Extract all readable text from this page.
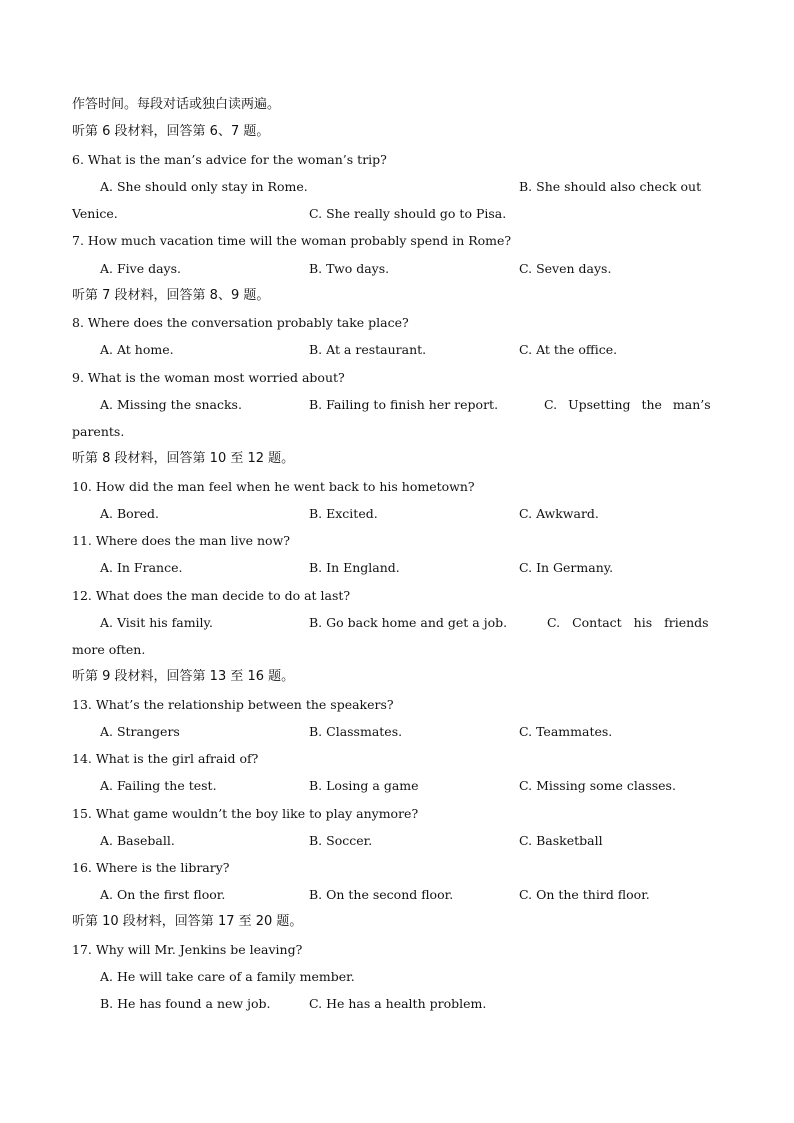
作答时间。每段对话或独白读两遍。
听第 6 段材料，回答第 6、7 题。
6. What is the man’s advice for the woman’s trip?

A. She should only stay in Rome.

	B. She should also check out

Venice.

	C. She really should go to Pisa.

7. How much vacation time will the woman probably spend in Rome?

A. Five days.

	B. Two days.

	C. Seven days.

听第 7 段材料，回答第 8、9 题。
8. Where does the conversation probably take place?

A. At home.

	B. At a restaurant.

	C. At the office.

9. What is the woman most worried about?

A. Missing the snacks.

	B. Failing to finish her report.

	C. Upsetting the man’s

parents.
听第 8 段材料，回答第 10 至 12 题。
10. How did the man feel when he went back to his hometown?

A. Bored.

	B. Excited.

	C. Awkward.

11. Where does the man live now?

A. In France.

	B. In England.

	C. In Germany.

12. What does the man decide to do at last?

A. Visit his family.

	B. Go back home and get a job.

	C. Contact his friends

more often.
听第 9 段材料，回答第 13 至 16 题。
13. What’s the relationship between the speakers?

A. Strangers

	B. Classmates.

	C. Teammates.

14. What is the girl afraid of?

A. Failing the test.

	B. Losing a game

	C. Missing some classes.

15. What game wouldn’t the boy like to play anymore?

A. Baseball.

	B. Soccer.

	C. Basketball

16. Where is the library?

A. On the first floor.

	B. On the second floor.

	C. On the third floor.

听第 10 段材料，回答第 17 至 20 题。
17. Why will Mr. Jenkins be leaving?
A. He will take care of a family member.

B. He has found a new job.

	C. He has a health problem.
